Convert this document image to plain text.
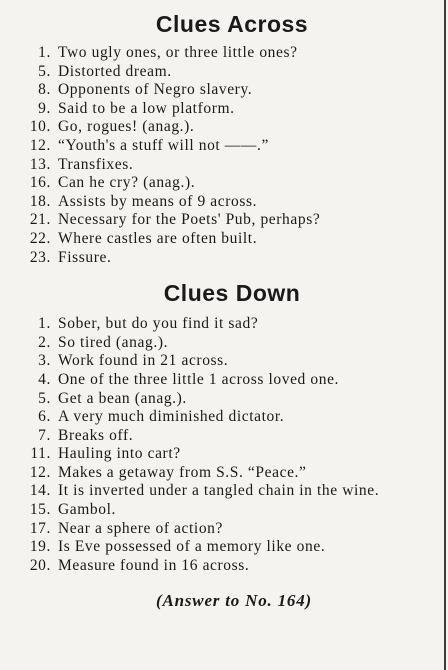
Clues Across
1. Two ugly ones, or three little ones?
5. Distorted dream.
8. Opponents of Negro slavery.
9. Said to be a low platform.
10. Go, rogues! (anag.).
12. “Youth's a stuff will not ——.”
13. Transfixes.
16. Can he cry? (anag.).
18. Assists by means of 9 across.
21. Necessary for the Poets' Pub, perhaps?
22. Where castles are often built.
23. Fissure.
Clues Down
1. Sober, but do you find it sad?
2. So tired (anag.).
3. Work found in 21 across.
4. One of the three little 1 across loved one.
5. Get a bean (anag.).
6. A very much diminished dictator.
7. Breaks off.
11. Hauling into cart?
12. Makes a getaway from S.S. “Peace.”
14. It is inverted under a tangled chain in the wine.
15. Gambol.
17. Near a sphere of action?
19. Is Eve possessed of a memory like one.
20. Measure found in 16 across.
(Answer to No. 164)
